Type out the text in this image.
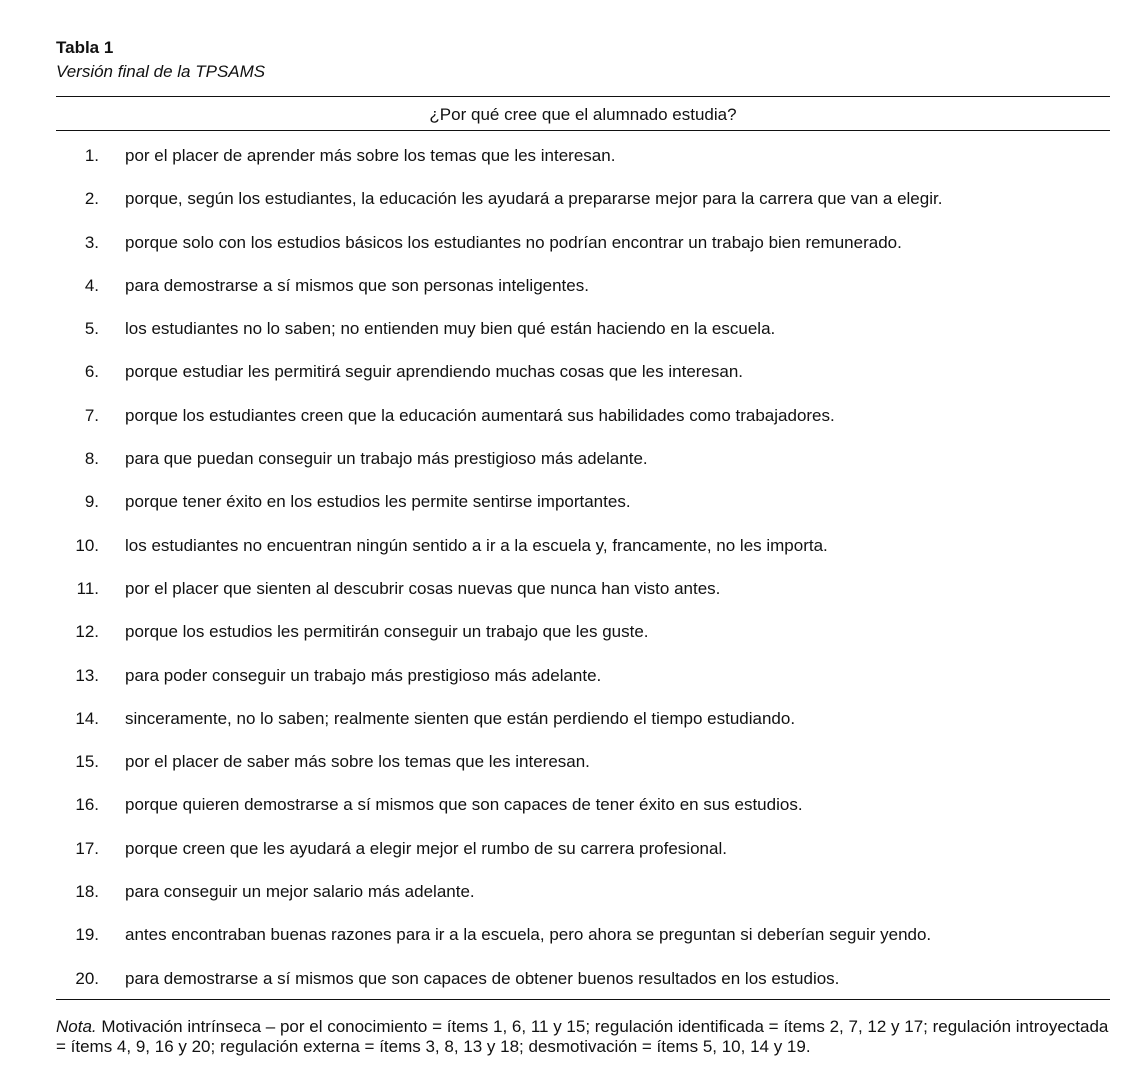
Tabla 1

Versión final de la TPSAMS

¿Por qué cree que el alumnado estudia?
1. por el placer de aprender más sobre los temas que les interesan.
2. porque, según los estudiantes, la educación les ayudará a prepararse mejor para la carrera que van a elegir.
3. porque solo con los estudios básicos los estudiantes no podrían encontrar un trabajo bien remunerado.
4. para demostrarse a sí mismos que son personas inteligentes.
5. los estudiantes no lo saben; no entienden muy bien qué están haciendo en la escuela.
6. porque estudiar les permitirá seguir aprendiendo muchas cosas que les interesan.
7. porque los estudiantes creen que la educación aumentará sus habilidades como trabajadores.
8. para que puedan conseguir un trabajo más prestigioso más adelante.
9. porque tener éxito en los estudios les permite sentirse importantes.
10. los estudiantes no encuentran ningún sentido a ir a la escuela y, francamente, no les importa.
11. por el placer que sienten al descubrir cosas nuevas que nunca han visto antes.
12. porque los estudios les permitirán conseguir un trabajo que les guste.
13. para poder conseguir un trabajo más prestigioso más adelante.
14. sinceramente, no lo saben; realmente sienten que están perdiendo el tiempo estudiando.
15. por el placer de saber más sobre los temas que les interesan.
16. porque quieren demostrarse a sí mismos que son capaces de tener éxito en sus estudios.
17. porque creen que les ayudará a elegir mejor el rumbo de su carrera profesional.
18. para conseguir un mejor salario más adelante.
19. antes encontraban buenas razones para ir a la escuela, pero ahora se preguntan si deberían seguir yendo.
20. para demostrarse a sí mismos que son capaces de obtener buenos resultados en los estudios.

Nota. Motivación intrínseca – por el conocimiento = ítems 1, 6, 11 y 15; regulación identificada = ítems 2, 7, 12 y 17; regulación introyectada = ítems 4, 9, 16 y 20; regulación externa = ítems 3, 8, 13 y 18; desmotivación = ítems 5, 10, 14 y 19.
